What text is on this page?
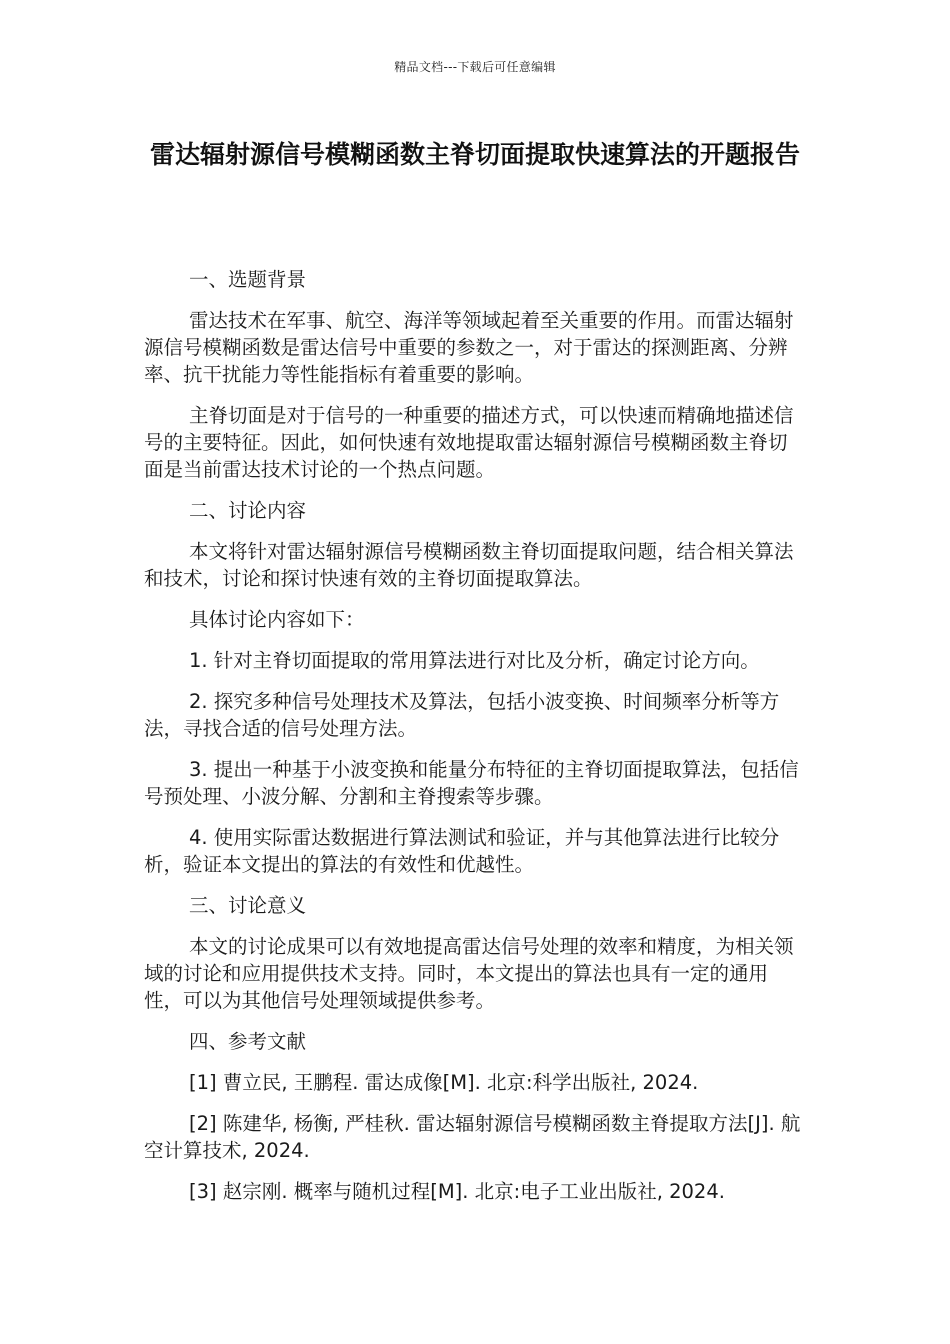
精品文档---下载后可任意编辑
雷达辐射源信号模糊函数主脊切面提取快速算法的开题报告

一、选题背景

雷达技术在军事、航空、海洋等领域起着至关重要的作用。而雷达辐射源信号模糊函数是雷达信号中重要的参数之一，对于雷达的探测距离、分辨率、抗干扰能力等性能指标有着重要的影响。

主脊切面是对于信号的一种重要的描述方式，可以快速而精确地描述信号的主要特征。因此，如何快速有效地提取雷达辐射源信号模糊函数主脊切面是当前雷达技术讨论的一个热点问题。

二、讨论内容

本文将针对雷达辐射源信号模糊函数主脊切面提取问题，结合相关算法和技术，讨论和探讨快速有效的主脊切面提取算法。

具体讨论内容如下：

1. 针对主脊切面提取的常用算法进行对比及分析，确定讨论方向。

2. 探究多种信号处理技术及算法，包括小波变换、时间频率分析等方法，寻找合适的信号处理方法。

3. 提出一种基于小波变换和能量分布特征的主脊切面提取算法，包括信号预处理、小波分解、分割和主脊搜索等步骤。

4. 使用实际雷达数据进行算法测试和验证，并与其他算法进行比较分析，验证本文提出的算法的有效性和优越性。

三、讨论意义

本文的讨论成果可以有效地提高雷达信号处理的效率和精度，为相关领域的讨论和应用提供技术支持。同时，本文提出的算法也具有一定的通用性，可以为其他信号处理领域提供参考。

四、参考文献

[1] 曹立民, 王鹏程. 雷达成像[M]. 北京:科学出版社, 2024.

[2] 陈建华, 杨衡, 严桂秋. 雷达辐射源信号模糊函数主脊提取方法[J]. 航空计算技术, 2024.

[3] 赵宗刚. 概率与随机过程[M]. 北京:电子工业出版社, 2024.
